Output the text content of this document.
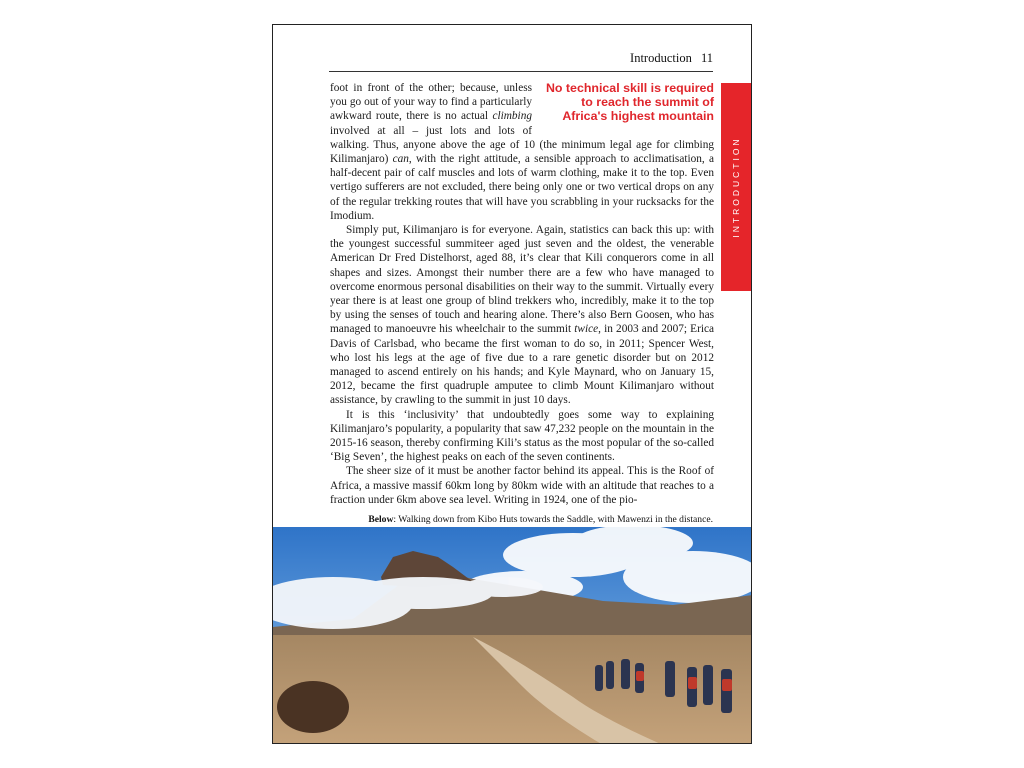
Introduction 11
INTRODUCTION
No technical skill is required to reach the summit of Africa's highest mountain

foot in front of the other; because, unless you go out of your way to find a particularly awkward route, there is no actual climbing involved at all – just lots and lots of walking. Thus, anyone above the age of 10 (the minimum legal age for climbing Kilimanjaro) can, with the right attitude, a sensible approach to acclimatisation, a half-decent pair of calf muscles and lots of warm clothing, make it to the top. Even vertigo sufferers are not excluded, there being only one or two vertical drops on any of the regular trekking routes that will have you scrabbling in your rucksacks for the Imodium.

Simply put, Kilimanjaro is for everyone. Again, statistics can back this up: with the youngest successful summiteer aged just seven and the oldest, the venerable American Dr Fred Distelhorst, aged 88, it’s clear that Kili conquerors come in all shapes and sizes. Amongst their number there are a few who have managed to overcome enormous personal disabilities on their way to the summit. Virtually every year there is at least one group of blind trekkers who, incredibly, make it to the top by using the senses of touch and hearing alone. There’s also Bern Goosen, who has managed to manoeuvre his wheelchair to the summit twice, in 2003 and 2007; Erica Davis of Carlsbad, who became the first woman to do so, in 2011; Spencer West, who lost his legs at the age of five due to a rare genetic disorder but on 2012 managed to ascend entirely on his hands; and Kyle Maynard, who on January 15, 2012, became the first quadruple amputee to climb Mount Kilimanjaro without assistance, by crawling to the summit in just 10 days.

It is this ‘inclusivity’ that undoubtedly goes some way to explaining Kilimanjaro’s popularity, a popularity that saw 47,232 people on the mountain in the 2015-16 season, thereby confirming Kili’s status as the most popular of the so-called ‘Big Seven’, the highest peaks on each of the seven continents.

The sheer size of it must be another factor behind its appeal. This is the Roof of Africa, a massive massif 60km long by 80km wide with an altitude that reaches to a fraction under 6km above sea level. Writing in 1924, one of the pio-

Below: Walking down from Kibo Huts towards the Saddle, with Mawenzi in the distance.
